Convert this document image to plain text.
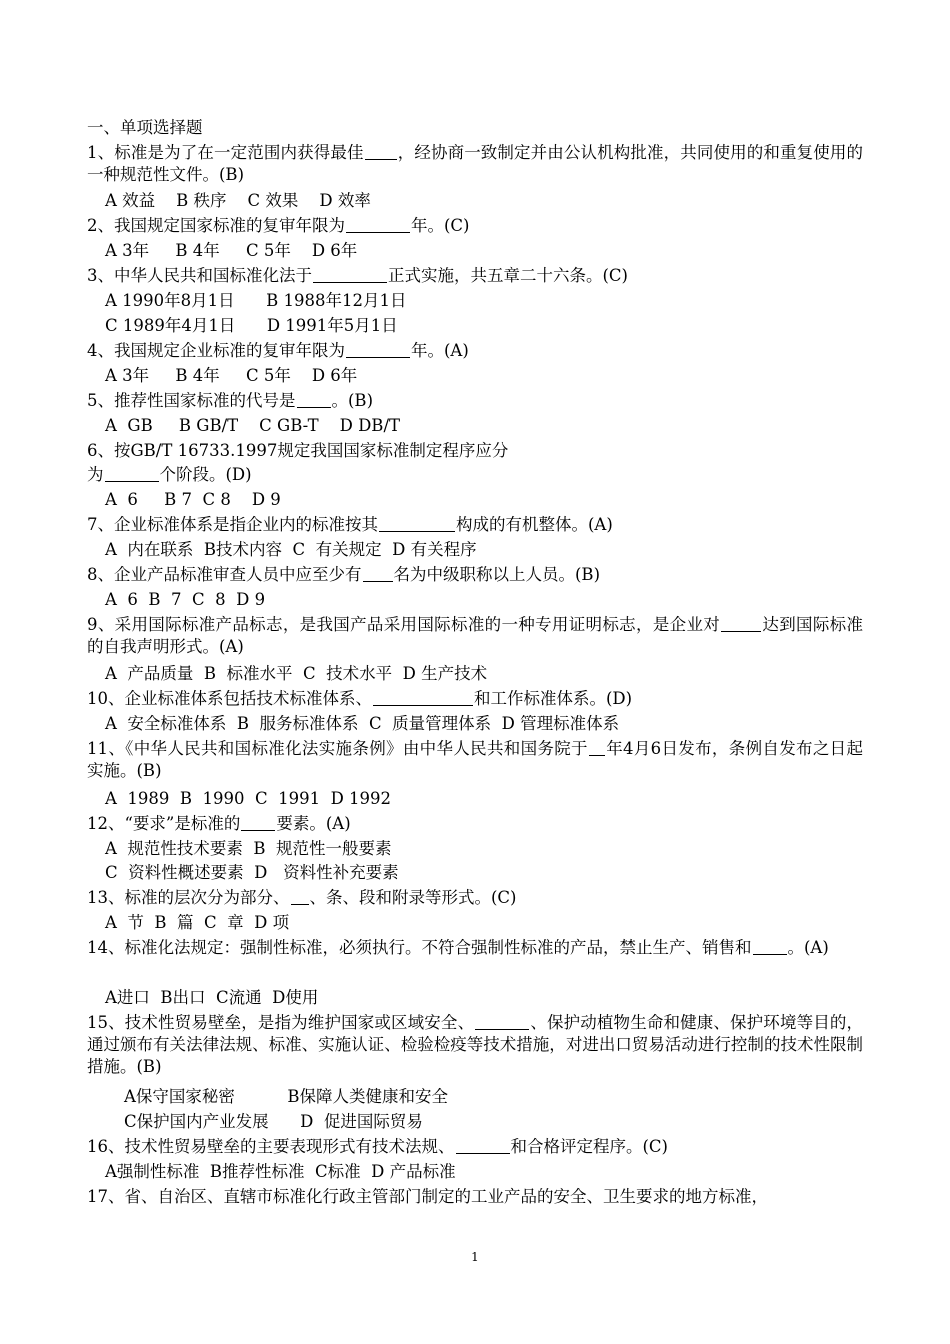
一、单项选择题
1、标准是为了在一定范围内获得最佳 ，经协商一致制定并由公认机构批准，共同使用的和重复使用的一种规范性文件。(B)
A 效益    B 秩序    C 效果    D 效率
2、我国规定国家标准的复审年限为	年。(C)
A 3年     B 4年     C 5年    D 6年
3、中华人民共和国标准化法于	正式实施，共五章二十六条。(C)
A 1990年8月1日      B 1988年12月1日
C 1989年4月1日      D 1991年5月1日
4、我国规定企业标准的复审年限为	年。(A)
A 3年     B 4年     C 5年    D 6年
5、推荐性国家标准的代号是 。(B)
A  GB     B GB/T    C GB-T    D DB/T
6、按GB/T 16733.1997规定我国国家标准制定程序应分
为	个阶段。(D)
A  6     B 7  C 8    D 9
7、企业标准体系是指企业内的标准按其	构成的有机整体。(A)
A  内在联系  B技术内容  C  有关规定  D 有关程序
8、企业产品标准审查人员中应至少有 名为中级职称以上人员。(B)
A  6  B  7  C  8  D 9
9、采用国际标准产品标志，是我国产品采用国际标准的一种专用证明标志，是企业对	达到国际标准的自我声明形式。(A)
A  产品质量  B  标准水平  C  技术水平  D 生产技术
10、企业标准体系包括技术标准体系、	和工作标准体系。(D)
A  安全标准体系  B  服务标准体系  C  质量管理体系  D 管理标准体系
11、《中华人民共和国标准化法实施条例》由中华人民共和国务院于 年4月6日发布，条例自发布之日起实施。(B)
A  1989  B  1990  C  1991  D 1992
12、“要求”是标准的 要素。(A)
A  规范性技术要素  B  规范性一般要素
C  资料性概述要素  D   资料性补充要素
13、标准的层次分为部分、 、条、段和附录等形式。(C)
A  节  B  篇  C  章  D 项
14、标准化法规定：强制性标准，必须执行。不符合强制性标准的产品，禁止生产、销售和 。(A)
A进口  B出口  C流通  D使用
15、技术性贸易壁垒，是指为维护国家或区域安全、	、保护动植物生命和健康、保护环境等目的，通过颁布有关法律法规、标准、实施认证、检验检疫等技术措施，对进出口贸易活动进行控制的技术性限制措施。(B)
A保守国家秘密          B保障人类健康和安全
C保护国内产业发展      D  促进国际贸易
16、技术性贸易壁垒的主要表现形式有技术法规、	和合格评定程序。(C)
A强制性标准  B推荐性标准  C标准  D 产品标准
17、省、自治区、直辖市标准化行政主管部门制定的工业产品的安全、卫生要求的地方标准，
1
